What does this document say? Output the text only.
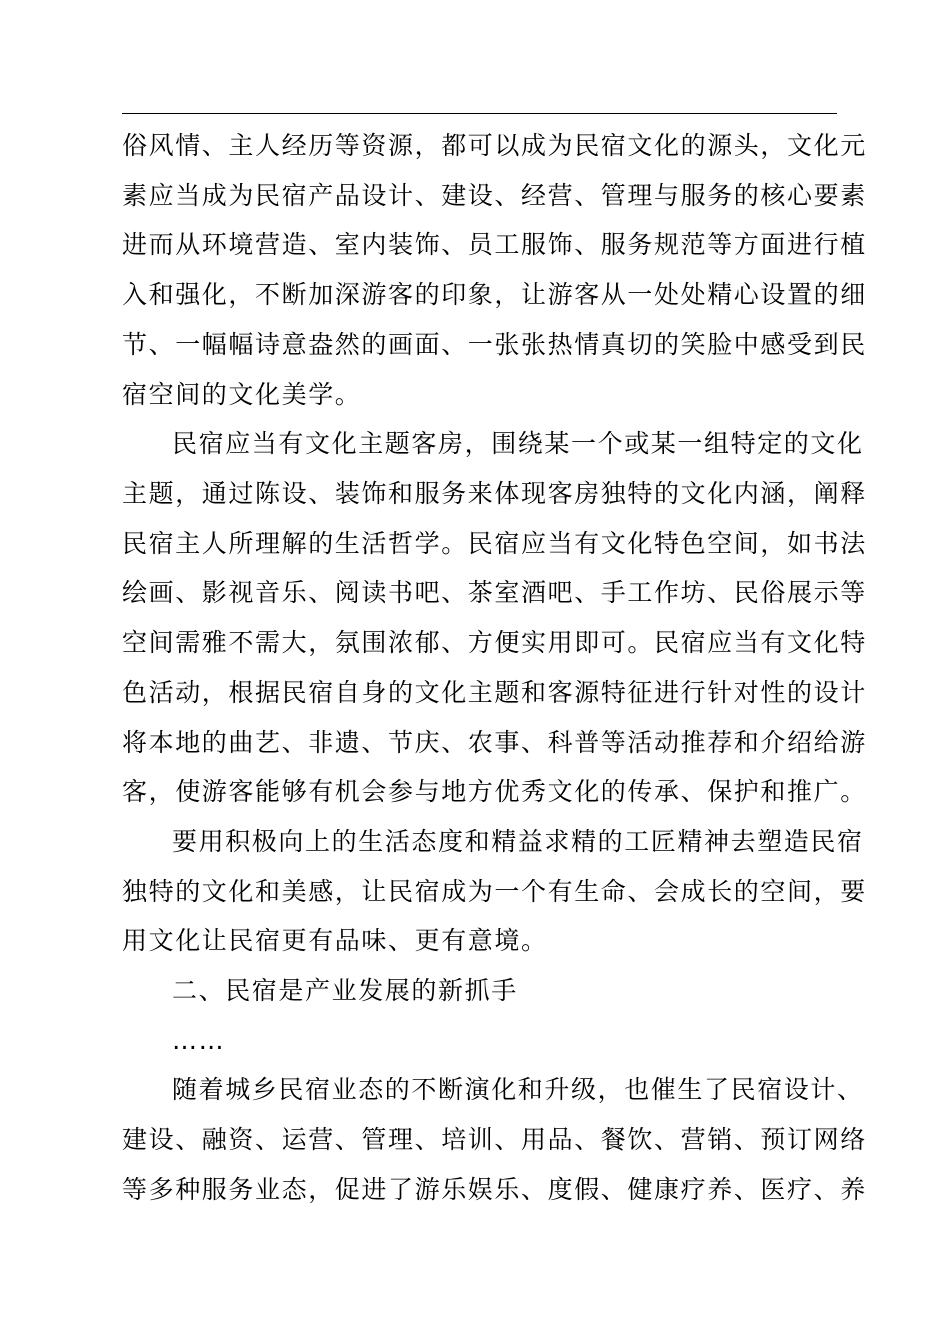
俗风情、主人经历等资源，都可以成为民宿文化的源头，文化元
素应当成为民宿产品设计、建设、经营、管理与服务的核心要素
进而从环境营造、室内装饰、员工服饰、服务规范等方面进行植
入和强化，不断加深游客的印象，让游客从一处处精心设置的细
节、一幅幅诗意盎然的画面、一张张热情真切的笑脸中感受到民
宿空间的文化美学。
民宿应当有文化主题客房，围绕某一个或某一组特定的文化
主题，通过陈设、装饰和服务来体现客房独特的文化内涵，阐释
民宿主人所理解的生活哲学。民宿应当有文化特色空间，如书法
绘画、影视音乐、阅读书吧、茶室酒吧、手工作坊、民俗展示等
空间需雅不需大，氛围浓郁、方便实用即可。民宿应当有文化特
色活动，根据民宿自身的文化主题和客源特征进行针对性的设计
将本地的曲艺、非遗、节庆、农事、科普等活动推荐和介绍给游
客，使游客能够有机会参与地方优秀文化的传承、保护和推广。
要用积极向上的生活态度和精益求精的工匠精神去塑造民宿
独特的文化和美感，让民宿成为一个有生命、会成长的空间，要
用文化让民宿更有品味、更有意境。
二、民宿是产业发展的新抓手
……
随着城乡民宿业态的不断演化和升级，也催生了民宿设计、
建设、融资、运营、管理、培训、用品、餐饮、营销、预订网络
等多种服务业态，促进了游乐娱乐、度假、健康疗养、医疗、养
